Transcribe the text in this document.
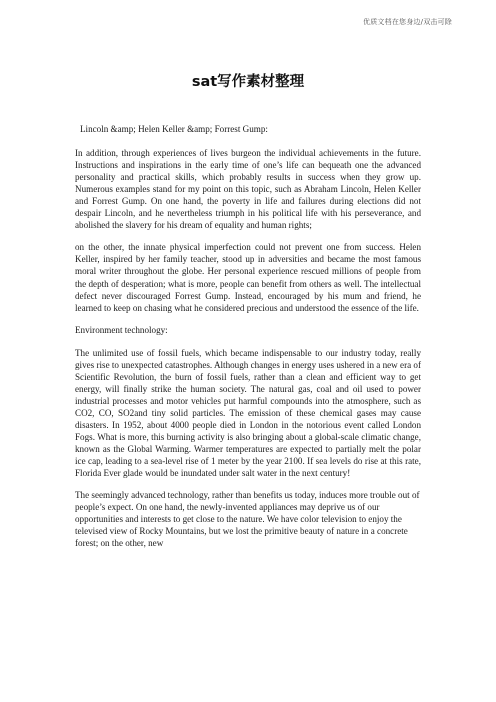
优质文档在您身边/双击可除
sat写作素材整理

Lincoln &amp; Helen Keller &amp; Forrest Gump:

In addition, through experiences of lives burgeon the individual achievements in the future. Instructions and inspirations in the early time of one’s life can bequeath one the advanced personality and practical skills, which probably results in success when they grow up. Numerous examples stand for my point on this topic, such as Abraham Lincoln, Helen Keller and Forrest Gump. On one hand, the poverty in life and failures during elections did not despair Lincoln, and he nevertheless triumph in his political life with his perseverance, and abolished the slavery for his dream of equality and human rights;

on the other, the innate physical imperfection could not prevent one from success. Helen Keller, inspired by her family teacher, stood up in adversities and became the most famous moral writer throughout the globe. Her personal experience rescued millions of people from the depth of desperation; what is more, people can benefit from others as well. The intellectual defect never discouraged Forrest Gump. Instead, encouraged by his mum and friend, he learned to keep on chasing what he considered precious and understood the essence of the life.

Environment technology:

The unlimited use of fossil fuels, which became indispensable to our industry today, really gives rise to unexpected catastrophes. Although changes in energy uses ushered in a new era of Scientific Revolution, the burn of fossil fuels, rather than a clean and efficient way to get energy, will finally strike the human society. The natural gas, coal and oil used to power industrial processes and motor vehicles put harmful compounds into the atmosphere, such as CO2, CO, SO2and tiny solid particles. The emission of these chemical gases may cause disasters. In 1952, about 4000 people died in London in the notorious event called London Fogs. What is more, this burning activity is also bringing about a global-scale climatic change, known as the Global Warming. Warmer temperatures are expected to partially melt the polar ice cap, leading to a sea-level rise of 1 meter by the year 2100. If sea levels do rise at this rate, Florida Ever glade would be inundated under salt water in the next century!

The seemingly advanced technology, rather than benefits us today, induces more trouble out of people’s expect. On one hand, the newly-invented appliances may deprive us of our opportunities and interests to get close to the nature. We have color television to enjoy the televised view of Rocky Mountains, but we lost the primitive beauty of nature in a concrete forest; on the other, new
